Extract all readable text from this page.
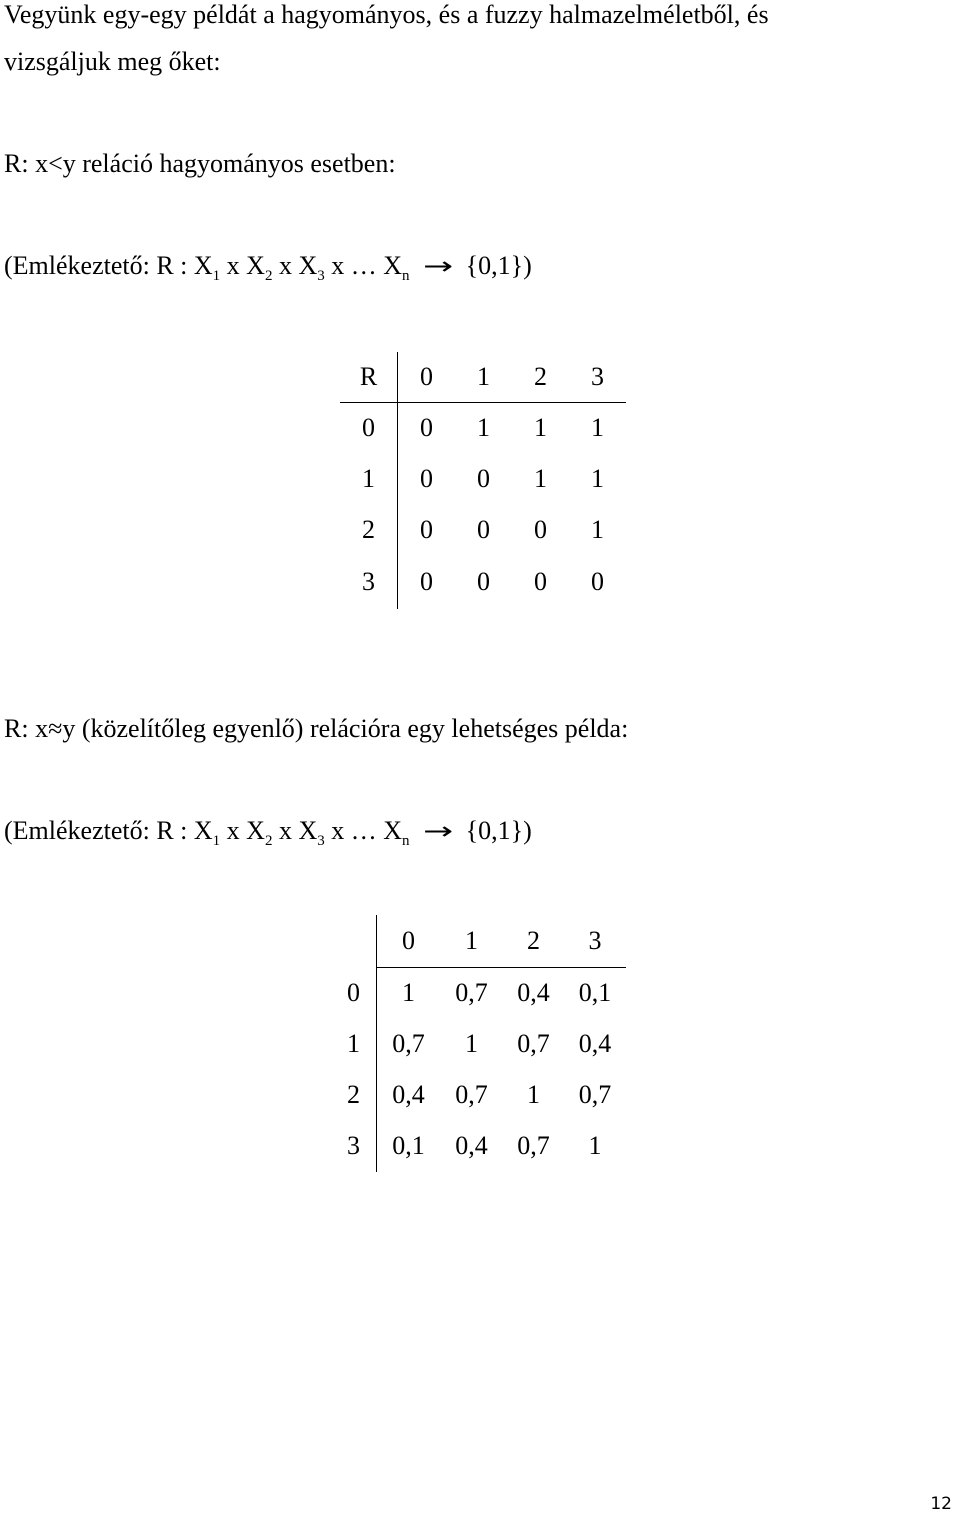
Vegyünk egy-egy példát a hagyományos, és a fuzzy halmazelméletből, és
vizsgáljuk meg őket:
R: x<y reláció hagyományos esetben:
(Emlékeztető: R : $X_1$ x $X_2$ x $X_3$ x … $X_n \to \{0,1\}$)
R	0	1	2	3
0	0	1	1	1
1	0	0	1	1
2	0	0	0	1
3	0	0	0	0
R: x≈y (közelítőleg egyenlő) relációra egy lehetséges példa:
(Emlékeztető: R : $X_1$ x $X_2$ x $X_3$ x … $X_n \to \{0,1\}$)
	0	1	2	3
0	1	0,7	0,4	0,1
1	0,7	1	0,7	0,4
2	0,4	0,7	1	0,7
3	0,1	0,4	0,7	1
12
